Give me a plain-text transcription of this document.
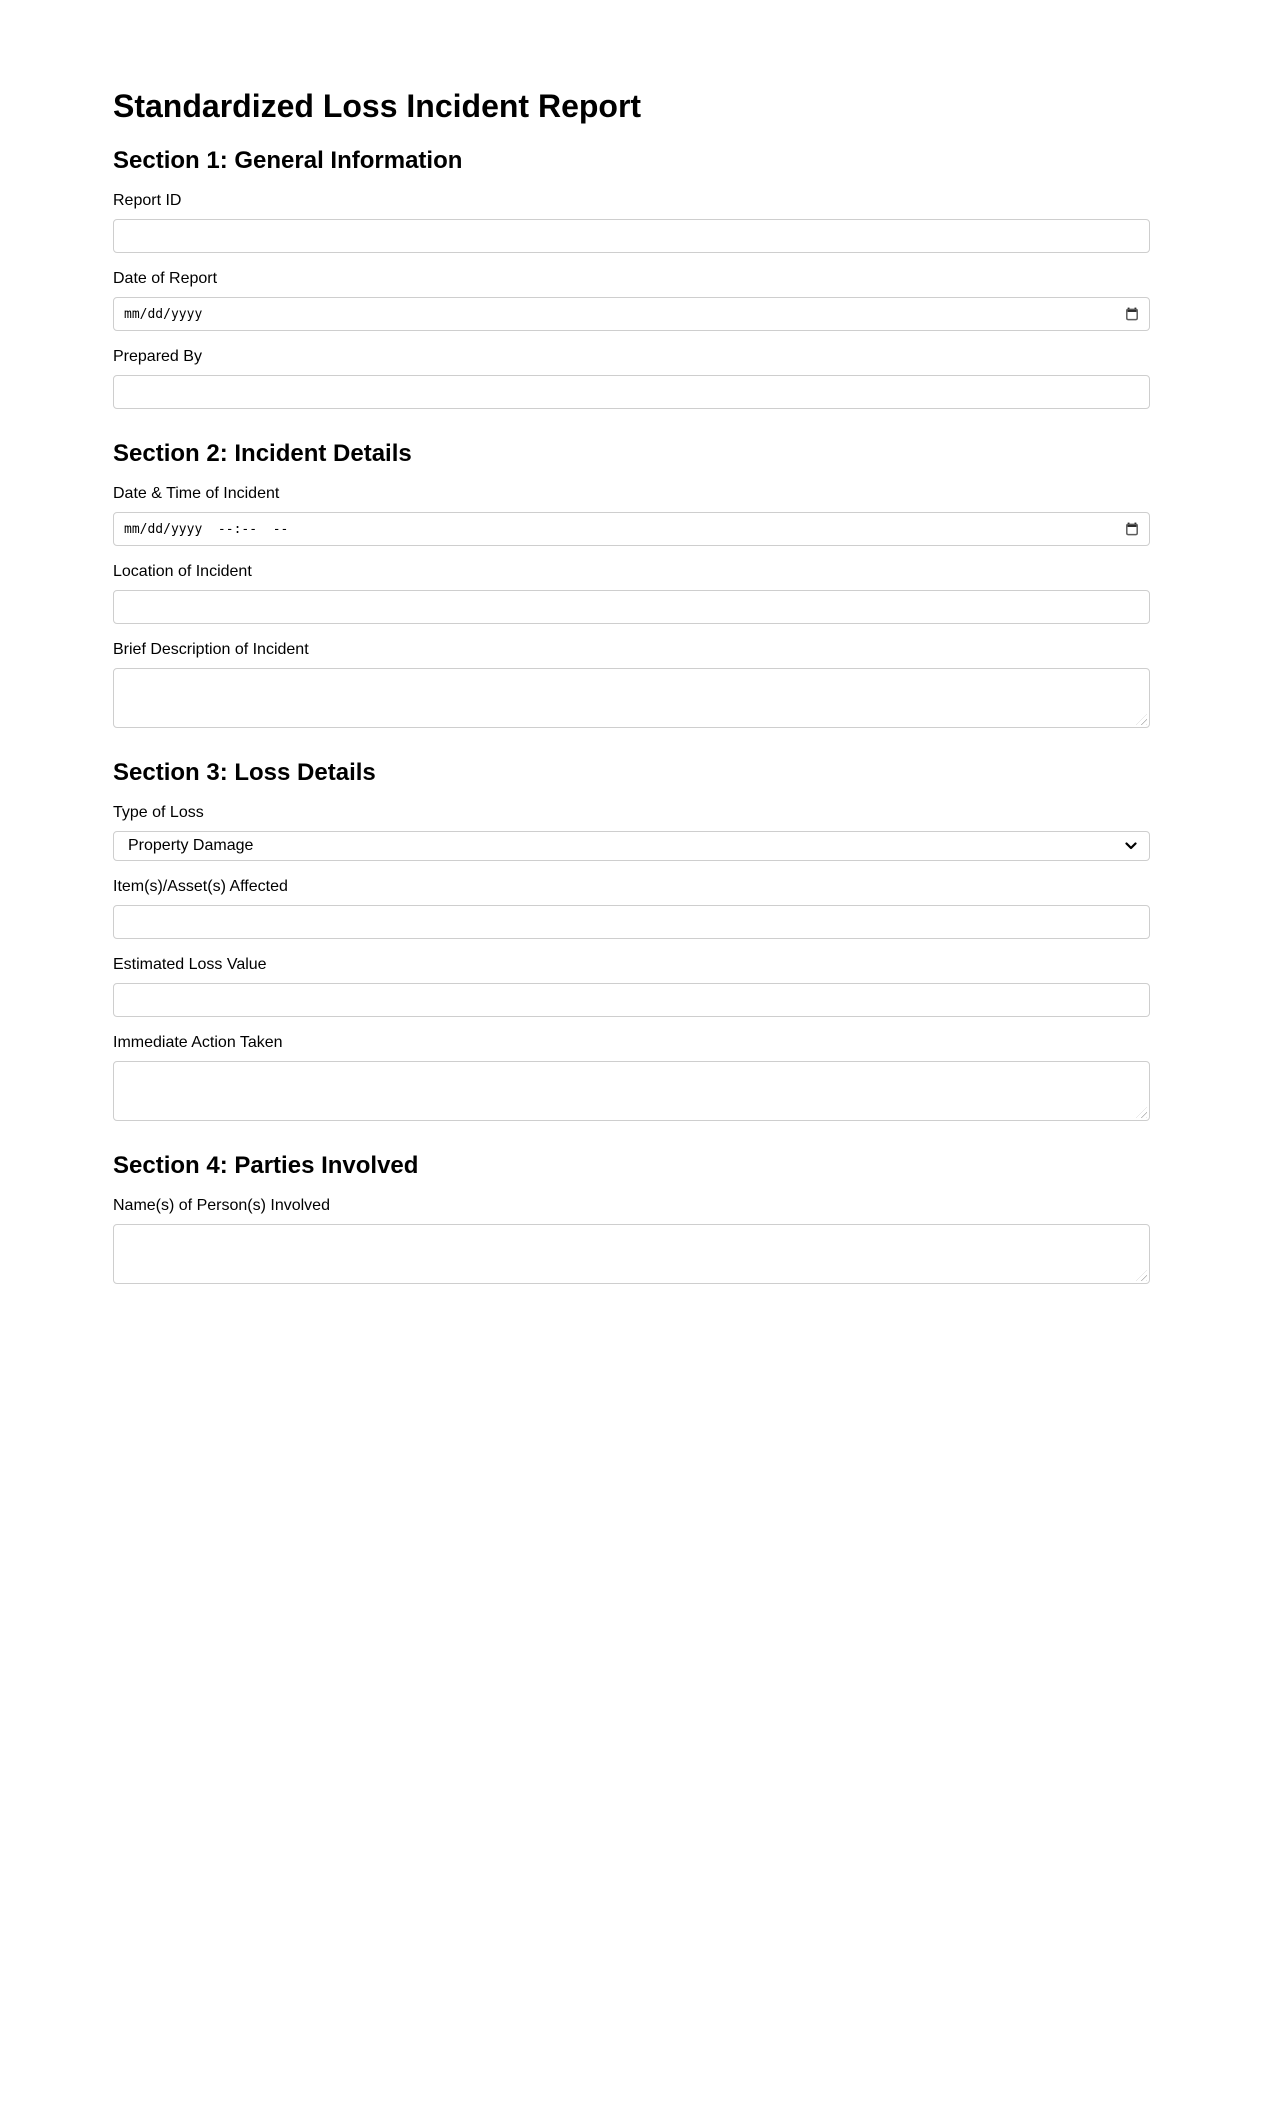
Standardized Loss Incident Report
Section 1: General Information
Report ID
Date of Report
mm/dd/yyyy
Prepared By
Section 2: Incident Details
Date & Time of Incident
mm/dd/yyyy  --:--  --
Location of Incident
Brief Description of Incident
Section 3: Loss Details
Type of Loss
Property Damage
Item(s)/Asset(s) Affected
Estimated Loss Value
Immediate Action Taken
Section 4: Parties Involved
Name(s) of Person(s) Involved
